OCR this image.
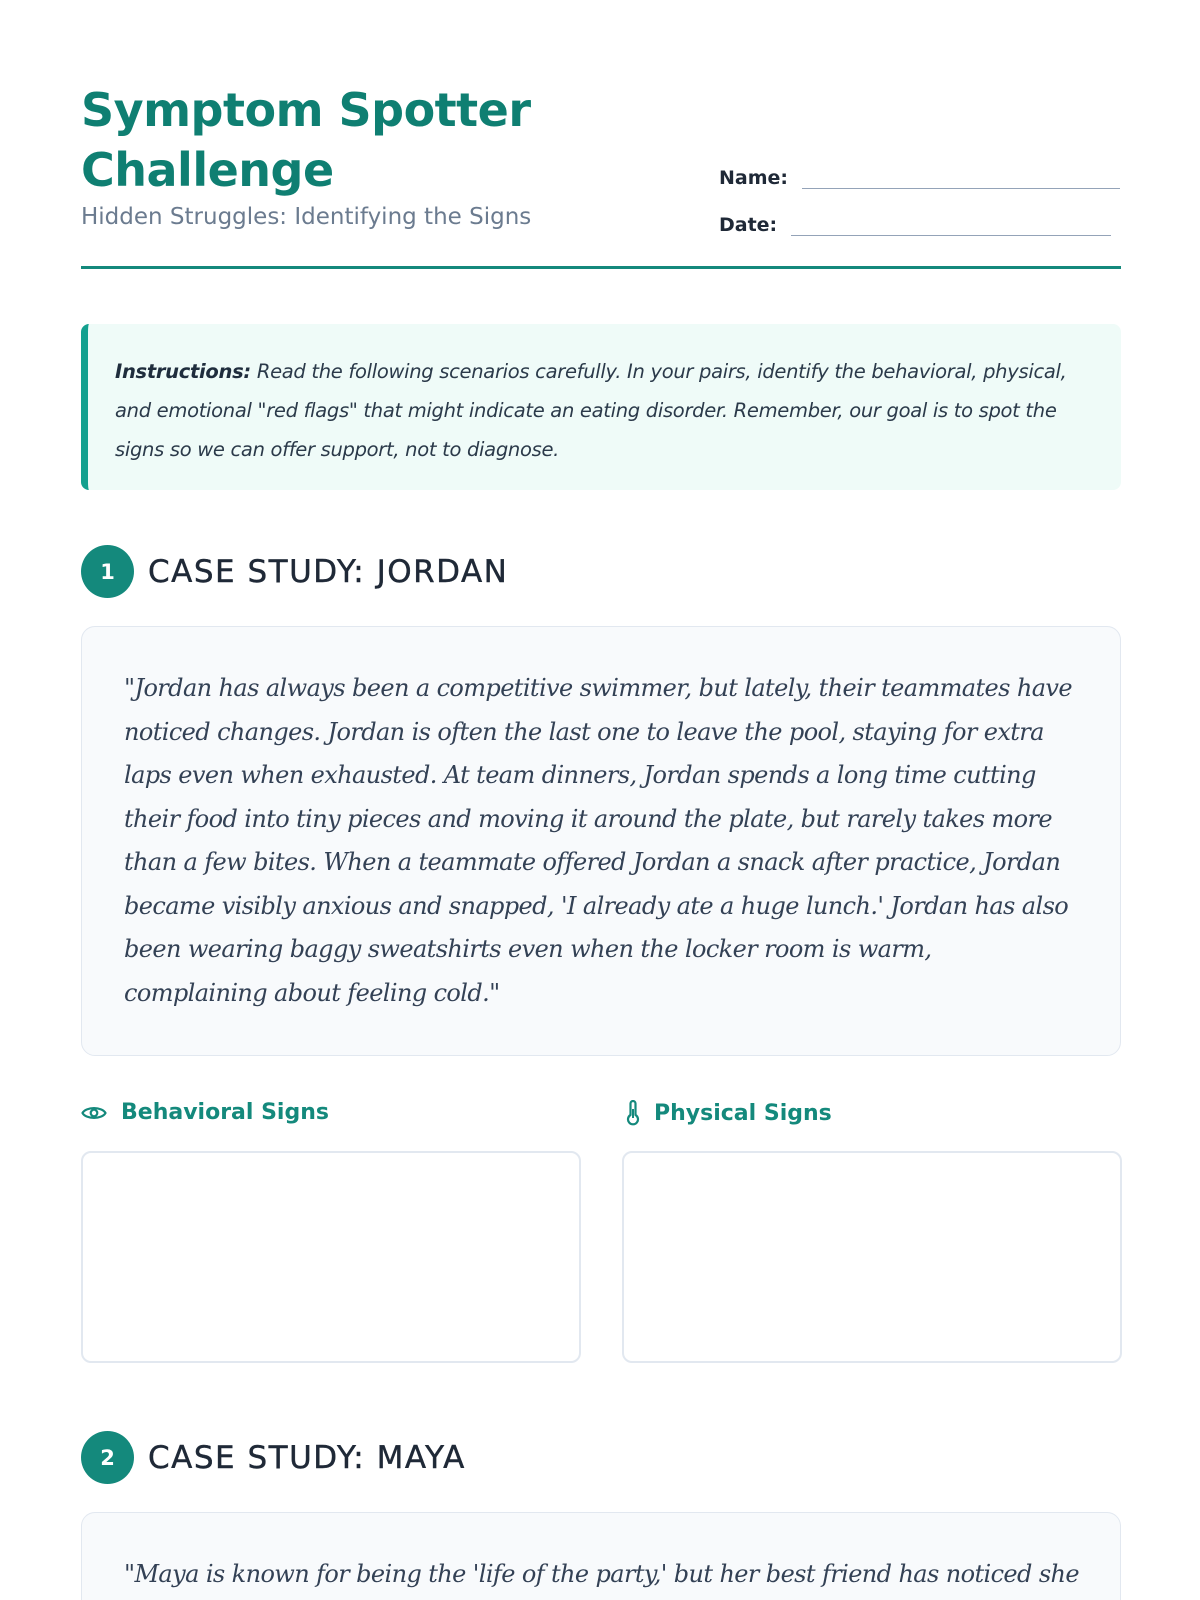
Symptom Spotter Challenge
Hidden Struggles: Identifying the Signs
Name:
Date:
Instructions: Read the following scenarios carefully. In your pairs, identify the behavioral, physical, and emotional "red flags" that might indicate an eating disorder. Remember, our goal is to spot the signs so we can offer support, not to diagnose.
1	CASE STUDY: JORDAN
"Jordan has always been a competitive swimmer, but lately, their teammates have noticed changes. Jordan is often the last one to leave the pool, staying for extra laps even when exhausted. At team dinners, Jordan spends a long time cutting their food into tiny pieces and moving it around the plate, but rarely takes more than a few bites. When a teammate offered Jordan a snack after practice, Jordan became visibly anxious and snapped, 'I already ate a huge lunch.' Jordan has also been wearing baggy sweatshirts even when the locker room is warm, complaining about feeling cold."
Behavioral Signs	Physical Signs
2	CASE STUDY: MAYA
"Maya is known for being the 'life of the party,' but her best friend has noticed she
